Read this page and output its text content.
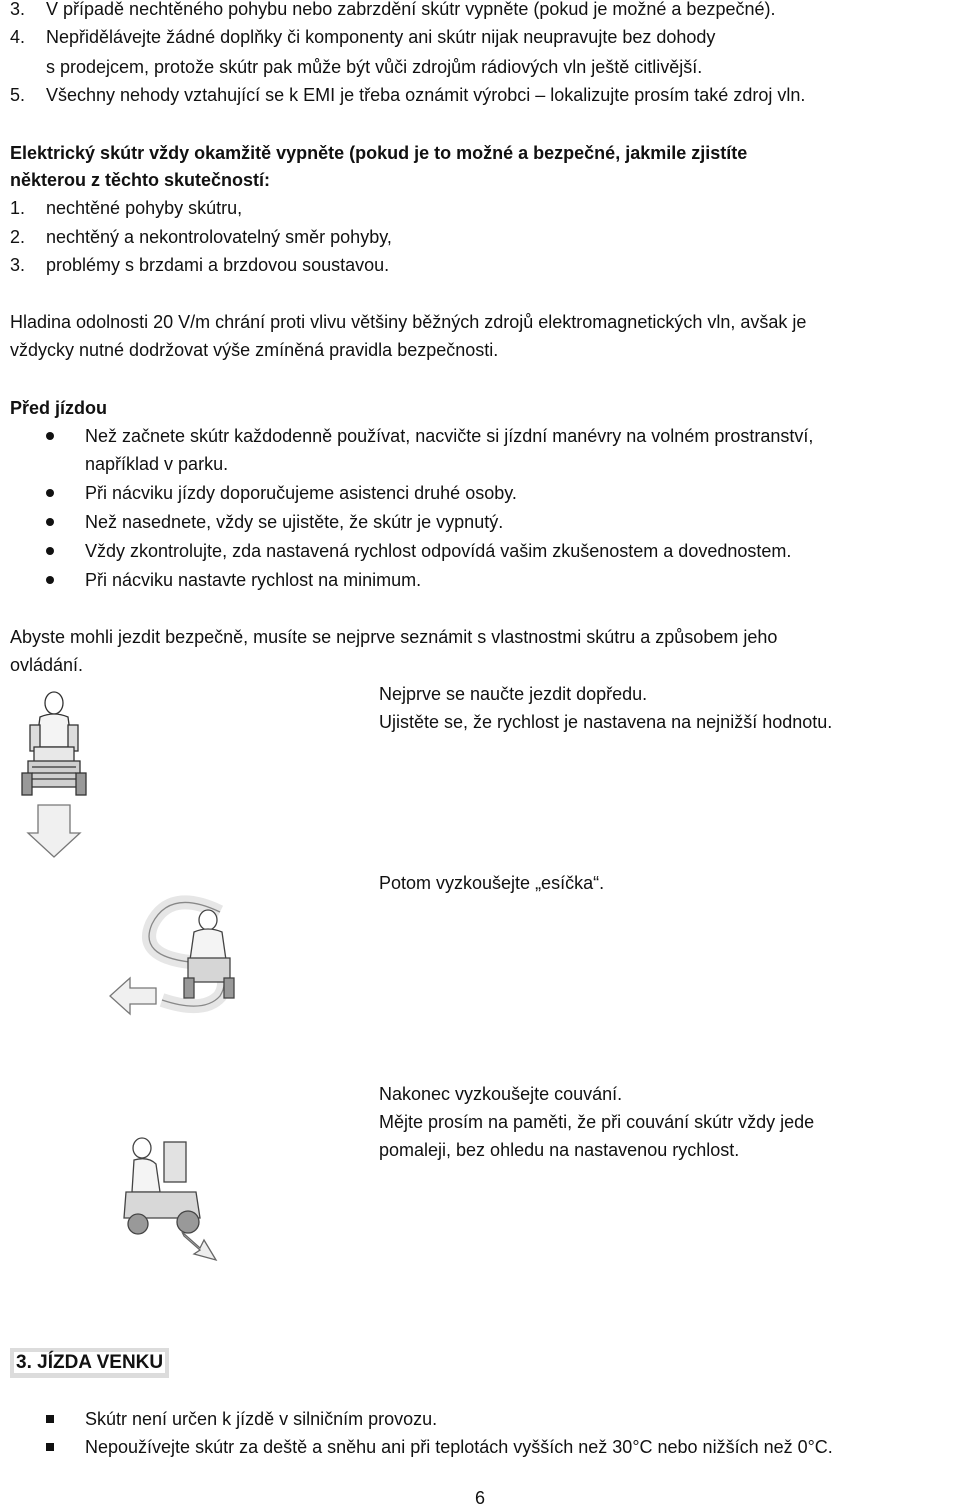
3. V případě nechtěného pohybu nebo zabrzdění skútr vypněte (pokud je možné a bezpečné).
4. Nepřidělávejte žádné doplňky či komponenty ani skútr nijak neupravujte bez dohody
s prodejcem, protože skútr pak může být vůči zdrojům rádiových vln ještě citlivější.
5. Všechny nehody vztahující se k EMI je třeba oznámit výrobci – lokalizujte prosím také zdroj vln.
Elektrický skútr vždy okamžitě vypněte (pokud je to možné a bezpečné, jakmile zjistíte
některou z těchto skutečností:
1. nechtěné pohyby skútru,
2. nechtěný a nekontrolovatelný směr pohyby,
3. problémy s brzdami a brzdovou soustavou.
Hladina odolnosti 20 V/m chrání proti vlivu většiny běžných zdrojů elektromagnetických vln, avšak je
vždycky nutné dodržovat výše zmíněná pravidla bezpečnosti.
Před jízdou
Než začnete skútr každodenně používat, nacvičte si jízdní manévry na volném prostranství,
například v parku.
Při nácviku jízdy doporučujeme asistenci druhé osoby.
Než nasednete, vždy se ujistěte, že skútr je vypnutý.
Vždy zkontrolujte, zda nastavená rychlost odpovídá vašim zkušenostem a dovednostem.
Při nácviku nastavte rychlost na minimum.
Abyste mohli jezdit bezpečně, musíte se nejprve seznámit s vlastnostmi skútru a způsobem jeho
ovládání.
Nejprve se naučte jezdit dopředu.
Ujistěte se, že rychlost je nastavena na nejnižší hodnotu.
Potom vyzkoušejte „esíčka“.
Nakonec vyzkoušejte couvání.
Mějte prosím na paměti, že při couvání skútr vždy jede
pomaleji, bez ohledu na nastavenou rychlost.
3. JÍZDA VENKU
Skútr není určen k jízdě v silničním provozu.
Nepoužívejte skútr za deště a sněhu ani při teplotách vyšších než 30°C nebo nižších než 0°C.
6
